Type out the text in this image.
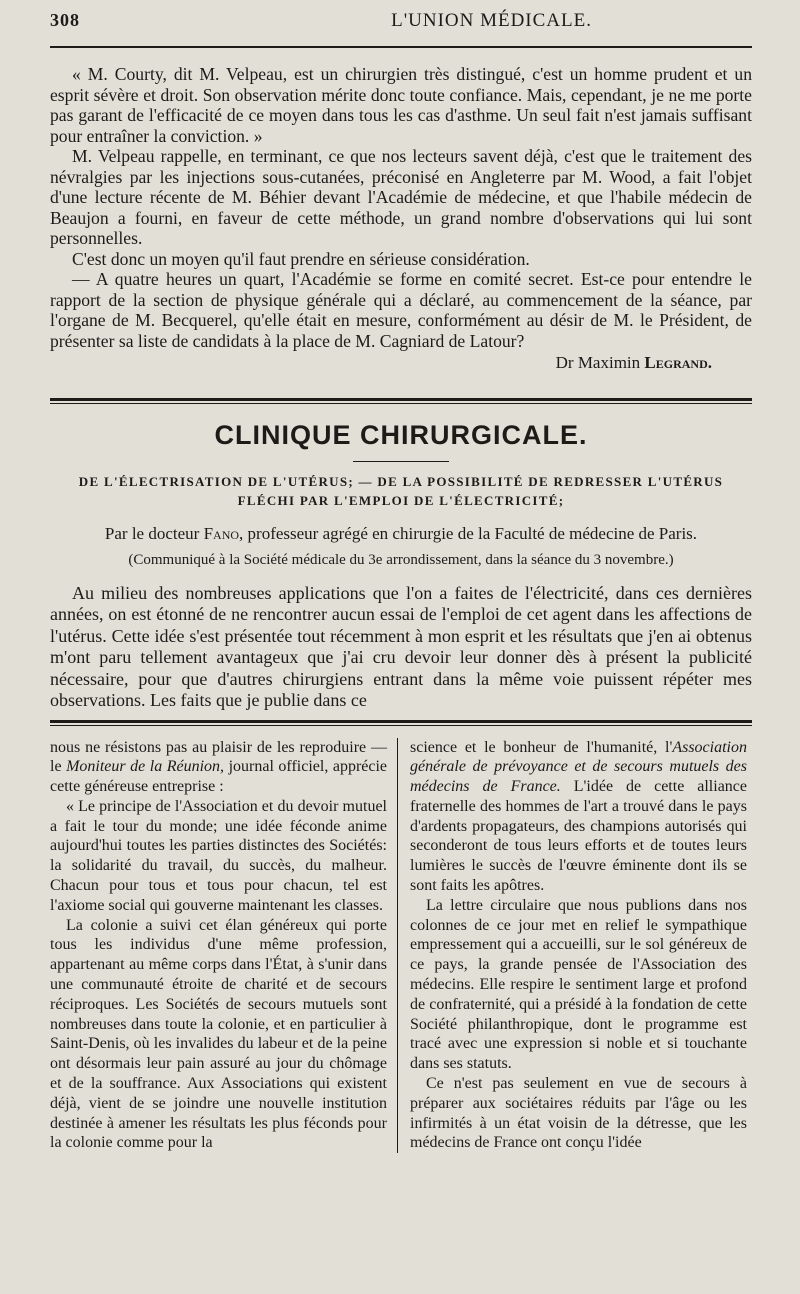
308	L'UNION MÉDICALE.

« M. Courty, dit M. Velpeau, est un chirurgien très distingué, c'est un homme prudent et un esprit sévère et droit. Son observation mérite donc toute confiance. Mais, cependant, je ne me porte pas garant de l'efficacité de ce moyen dans tous les cas d'asthme. Un seul fait n'est jamais suffisant pour entraîner la conviction. »

M. Velpeau rappelle, en terminant, ce que nos lecteurs savent déjà, c'est que le traitement des névralgies par les injections sous-cutanées, préconisé en Angleterre par M. Wood, a fait l'objet d'une lecture récente de M. Béhier devant l'Académie de médecine, et que l'habile médecin de Beaujon a fourni, en faveur de cette méthode, un grand nombre d'observations qui lui sont personnelles.

C'est donc un moyen qu'il faut prendre en sérieuse considération.

— A quatre heures un quart, l'Académie se forme en comité secret. Est-ce pour entendre le rapport de la section de physique générale qui a déclaré, au commencement de la séance, par l'organe de M. Becquerel, qu'elle était en mesure, conformément au désir de M. le Président, de présenter sa liste de candidats à la place de M. Cagniard de Latour?

Dr Maximin Legrand.
CLINIQUE CHIRURGICALE.
DE L'ÉLECTRISATION DE L'UTÉRUS; — DE LA POSSIBILITÉ DE REDRESSER L'UTÉRUS FLÉCHI PAR L'EMPLOI DE L'ÉLECTRICITÉ;
Par le docteur Fano, professeur agrégé en chirurgie de la Faculté de médecine de Paris.
(Communiqué à la Société médicale du 3e arrondissement, dans la séance du 3 novembre.)

Au milieu des nombreuses applications que l'on a faites de l'électricité, dans ces dernières années, on est étonné de ne rencontrer aucun essai de l'emploi de cet agent dans les affections de l'utérus. Cette idée s'est présentée tout récemment à mon esprit et les résultats que j'en ai obtenus m'ont paru tellement avantageux que j'ai cru devoir leur donner dès à présent la publicité nécessaire, pour que d'autres chirurgiens entrant dans la même voie puissent répéter mes observations. Les faits que je publie dans ce

nous ne résistons pas au plaisir de les reproduire — le Moniteur de la Réunion, journal officiel, apprécie cette généreuse entreprise :

« Le principe de l'Association et du devoir mutuel a fait le tour du monde; une idée féconde anime aujourd'hui toutes les parties distinctes des Sociétés: la solidarité du travail, du succès, du malheur. Chacun pour tous et tous pour chacun, tel est l'axiome social qui gouverne maintenant les classes.

La colonie a suivi cet élan généreux qui porte tous les individus d'une même profession, appartenant au même corps dans l'État, à s'unir dans une communauté étroite de charité et de secours réciproques. Les Sociétés de secours mutuels sont nombreuses dans toute la colonie, et en particulier à Saint-Denis, où les invalides du labeur et de la peine ont désormais leur pain assuré au jour du chômage et de la souffrance. Aux Associations qui existent déjà, vient de se joindre une nouvelle institution destinée à amener les résultats les plus féconds pour la colonie comme pour la

science et le bonheur de l'humanité, l'Association générale de prévoyance et de secours mutuels des médecins de France. L'idée de cette alliance fraternelle des hommes de l'art a trouvé dans le pays d'ardents propagateurs, des champions autorisés qui seconderont de tous leurs efforts et de toutes leurs lumières le succès de l'œuvre éminente dont ils se sont faits les apôtres.

La lettre circulaire que nous publions dans nos colonnes de ce jour met en relief le sympathique empressement qui a accueilli, sur le sol généreux de ce pays, la grande pensée de l'Association des médecins. Elle respire le sentiment large et profond de confraternité, qui a présidé à la fondation de cette Société philanthropique, dont le programme est tracé avec une expression si noble et si touchante dans ses statuts.

Ce n'est pas seulement en vue de secours à préparer aux sociétaires réduits par l'âge ou les infirmités à un état voisin de la détresse, que les médecins de France ont conçu l'idée
